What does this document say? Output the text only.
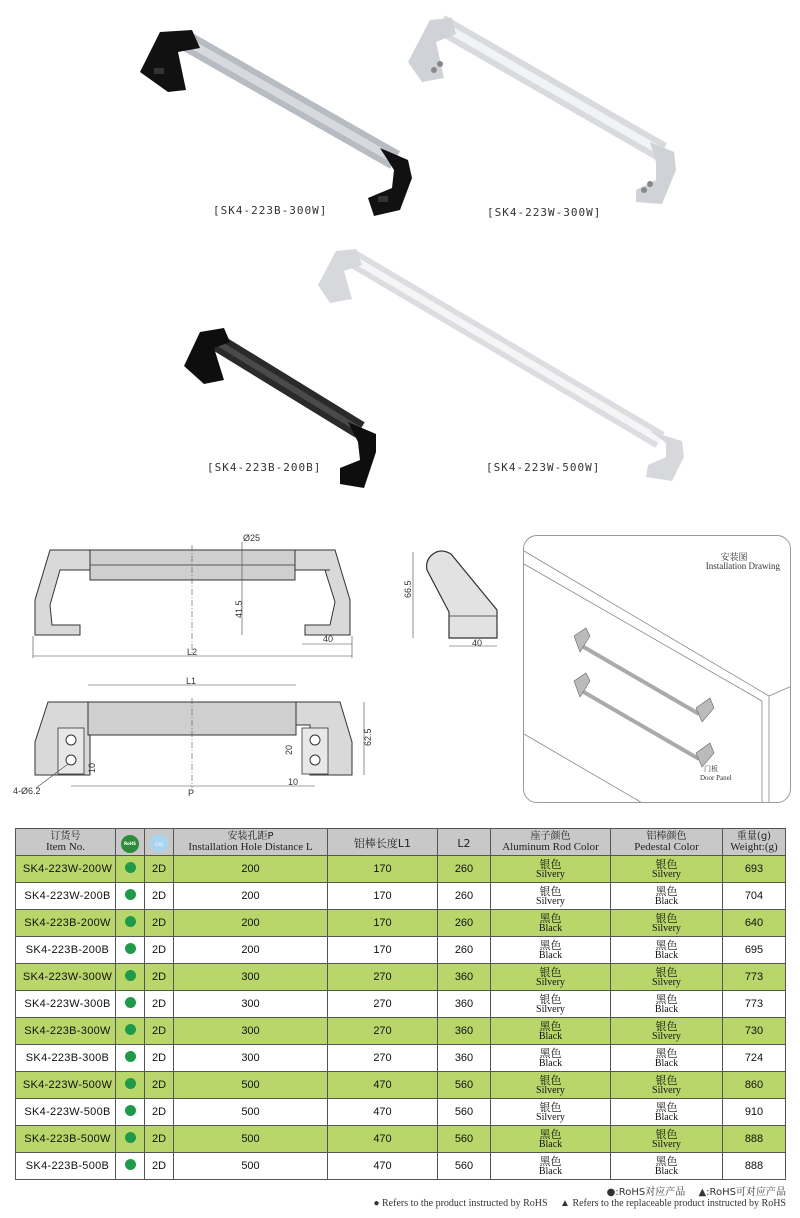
[SK4-223B-300W]	[SK4-223W-300W]
[SK4-223B-200B]	[SK4-223W-500W]
Ø25
41.5
40
L2
66.5
40
L1
P
4-Ø6.2
62.5
20
10
10
安装图
Installation Drawing
门板
Door Panel
订货号
Item No.	RoHS	CAD	安装孔距P
Installation Hole Distance L	铝棒长度L1	L2	座子颜色
Aluminum Rod Color	铝棒颜色
Pedestal Color	重量(g)
Weight:(g)

SK4-223W-200W		2D	200	170	260	银色
Silvery	银色
Silvery	693
SK4-223W-200B		2D	200	170	260	银色
Silvery	黑色
Black	704
SK4-223B-200W		2D	200	170	260	黑色
Black	银色
Silvery	640
SK4-223B-200B		2D	200	170	260	黑色
Black	黑色
Black	695
SK4-223W-300W		2D	300	270	360	银色
Silvery	银色
Silvery	773
SK4-223W-300B		2D	300	270	360	银色
Silvery	黑色
Black	773
SK4-223B-300W		2D	300	270	360	黑色
Black	银色
Silvery	730
SK4-223B-300B		2D	300	270	360	黑色
Black	黑色
Black	724
SK4-223W-500W		2D	500	470	560	银色
Silvery	银色
Silvery	860
SK4-223W-500B		2D	500	470	560	银色
Silvery	黑色
Black	910
SK4-223B-500W		2D	500	470	560	黑色
Black	银色
Silvery	888
SK4-223B-500B		2D	500	470	560	黑色
Black	黑色
Black	888
●:RoHS对应产品 ▲:RoHS可对应产品
● Refers to the product instructed by RoHS ▲ Refers to the replaceable product instructed by RoHS
